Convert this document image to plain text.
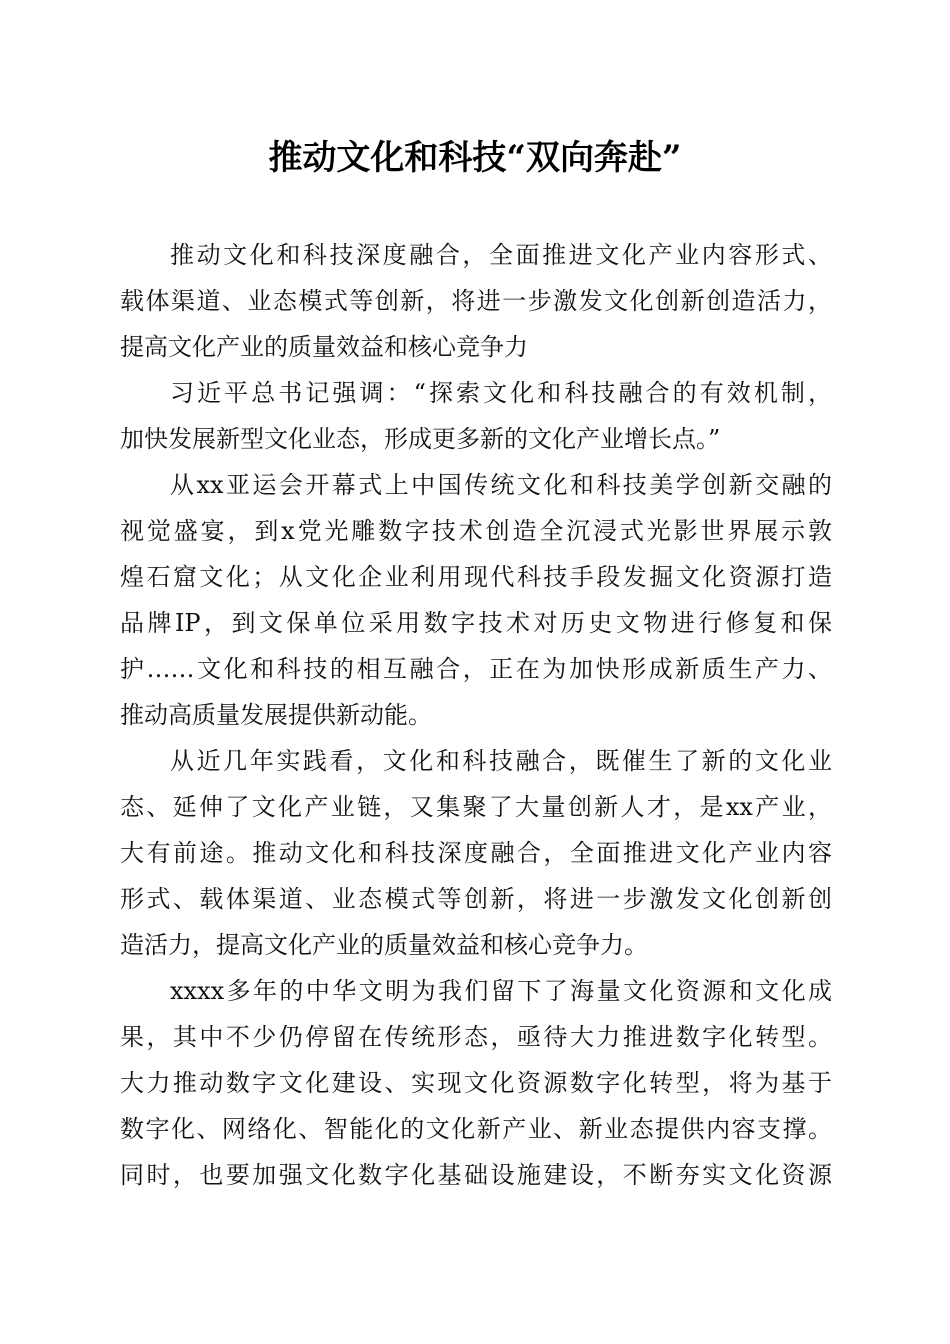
推动文化和科技“双向奔赴”
推动文化和科技深度融合，全面推进文化产业内容形式、
载体渠道、业态模式等创新，将进一步激发文化创新创造活力，
提高文化产业的质量效益和核心竞争力
习近平总书记强调：“探索文化和科技融合的有效机制，
加快发展新型文化业态，形成更多新的文化产业增长点。”
从xx亚运会开幕式上中国传统文化和科技美学创新交融的
视觉盛宴，到x党光雕数字技术创造全沉浸式光影世界展示敦
煌石窟文化；从文化企业利用现代科技手段发掘文化资源打造
品牌IP，到文保单位采用数字技术对历史文物进行修复和保
护……文化和科技的相互融合，正在为加快形成新质生产力、
推动高质量发展提供新动能。
从近几年实践看，文化和科技融合，既催生了新的文化业
态、延伸了文化产业链，又集聚了大量创新人才，是xx产业，
大有前途。推动文化和科技深度融合，全面推进文化产业内容
形式、载体渠道、业态模式等创新，将进一步激发文化创新创
造活力，提高文化产业的质量效益和核心竞争力。
xxxx多年的中华文明为我们留下了海量文化资源和文化成
果，其中不少仍停留在传统形态，亟待大力推进数字化转型。
大力推动数字文化建设、实现文化资源数字化转型，将为基于
数字化、网络化、智能化的文化新产业、新业态提供内容支撑。
同时，也要加强文化数字化基础设施建设，不断夯实文化资源
